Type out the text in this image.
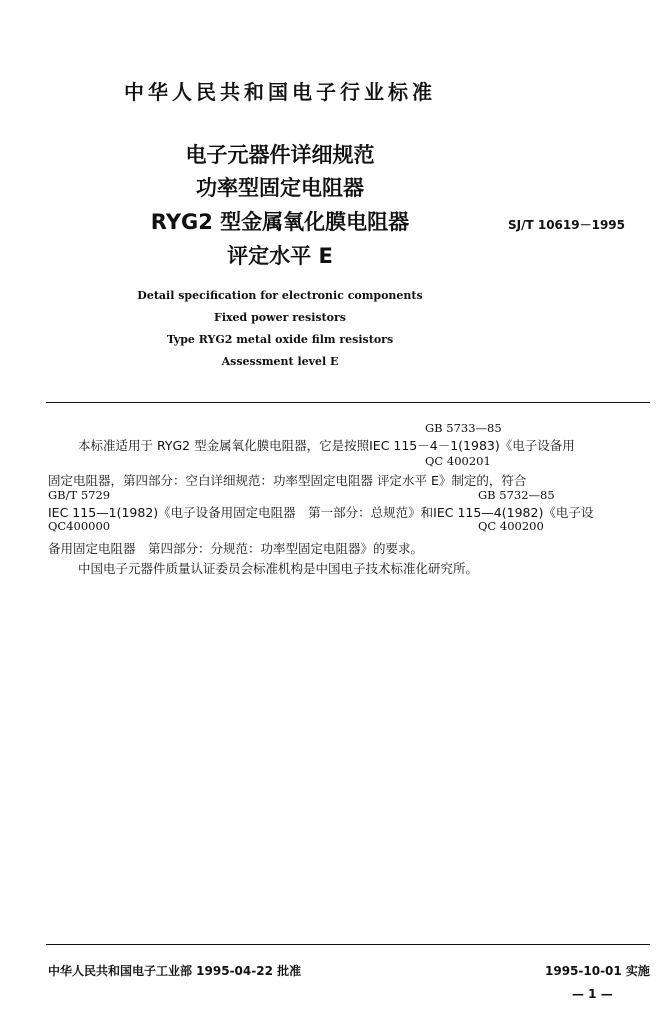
中华人民共和国电子行业标准
电子元器件详细规范
功率型固定电阻器
RYG2 型金属氧化膜电阻器
评定水平 E
SJ/T 10619－1995
Detail specification for electronic components
Fixed power resistors
Type RYG2 metal oxide film resistors
Assessment level E
GB 5733—85
本标准适用于 RYG2 型金属氧化膜电阻器，它是按照IEC 115－4－1(1983)《电子设备用
QC 400201
固定电阻器，第四部分：空白详细规范：功率型固定电阻器 评定水平 E》制定的，符合
GB/T 5729	GB 5732—85
IEC 115—1(1982)《电子设备用固定电阻器　第一部分：总规范》和IEC 115—4(1982)《电子设
QC400000	QC 400200
备用固定电阻器　第四部分：分规范：功率型固定电阻器》的要求。
中国电子元器件质量认证委员会标准机构是中国电子技术标准化研究所。
中华人民共和国电子工业部 1995-04-22 批准	1995-10-01 实施
— 1 —
